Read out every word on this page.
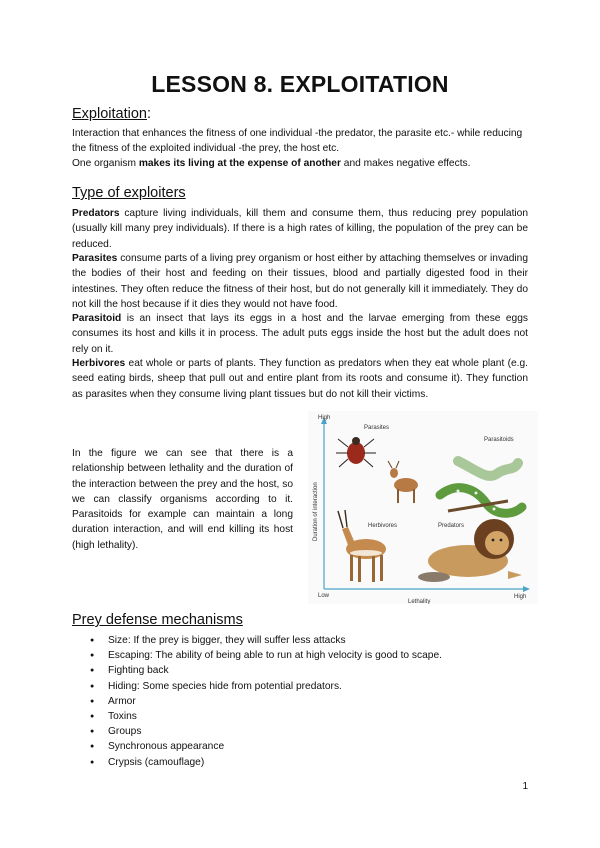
LESSON 8. EXPLOITATION
Exploitation:

Interaction that enhances the fitness of one individual -the predator, the parasite etc.- while reducing the fitness of the exploited individual -the prey, the host etc.

One organism makes its living at the expense of another and makes negative effects.

Type of exploiters

Predators capture living individuals, kill them and consume them, thus reducing prey population (usually kill many prey individuals). If there is a high rates of killing, the population of the prey can be reduced.

Parasites consume parts of a living prey organism or host either by attaching themselves or invading the bodies of their host and feeding on their tissues, blood and partially digested food in their intestines. They often reduce the fitness of their host, but do not generally kill it immediately. They do not kill the host because if it dies they would not have food.

Parasitoid is an insect that lays its eggs in a host and the larvae emerging from these eggs consumes its host and kills it in process. The adult puts eggs inside the host but the adult does not rely on it.

Herbivores eat whole or parts of plants. They function as predators when they eat whole plant (e.g. seed eating birds, sheep that pull out and entire plant from its roots and consume it). They function as parasites when they consume living plant tissues but do not kill their victims.

In the figure we can see that there is a relationship between lethality and the duration of the interaction between the prey and the host, so we can classify organisms according to it. Parasitoids for example can maintain a long duration interaction, and will end killing its host (high lethality).

High
Low	High
Lethality
Duration of interaction
Parasites
Parasitoids
Herbivores	Predators
Prey defense mechanisms
● Size: If the prey is bigger, they will suffer less attacks
● Escaping: The ability of being able to run at high velocity is good to scape.
● Fighting back
● Hiding: Some species hide from potential predators.
● Armor
● Toxins
● Groups
● Synchronous appearance
● Crypsis (camouflage)
1
